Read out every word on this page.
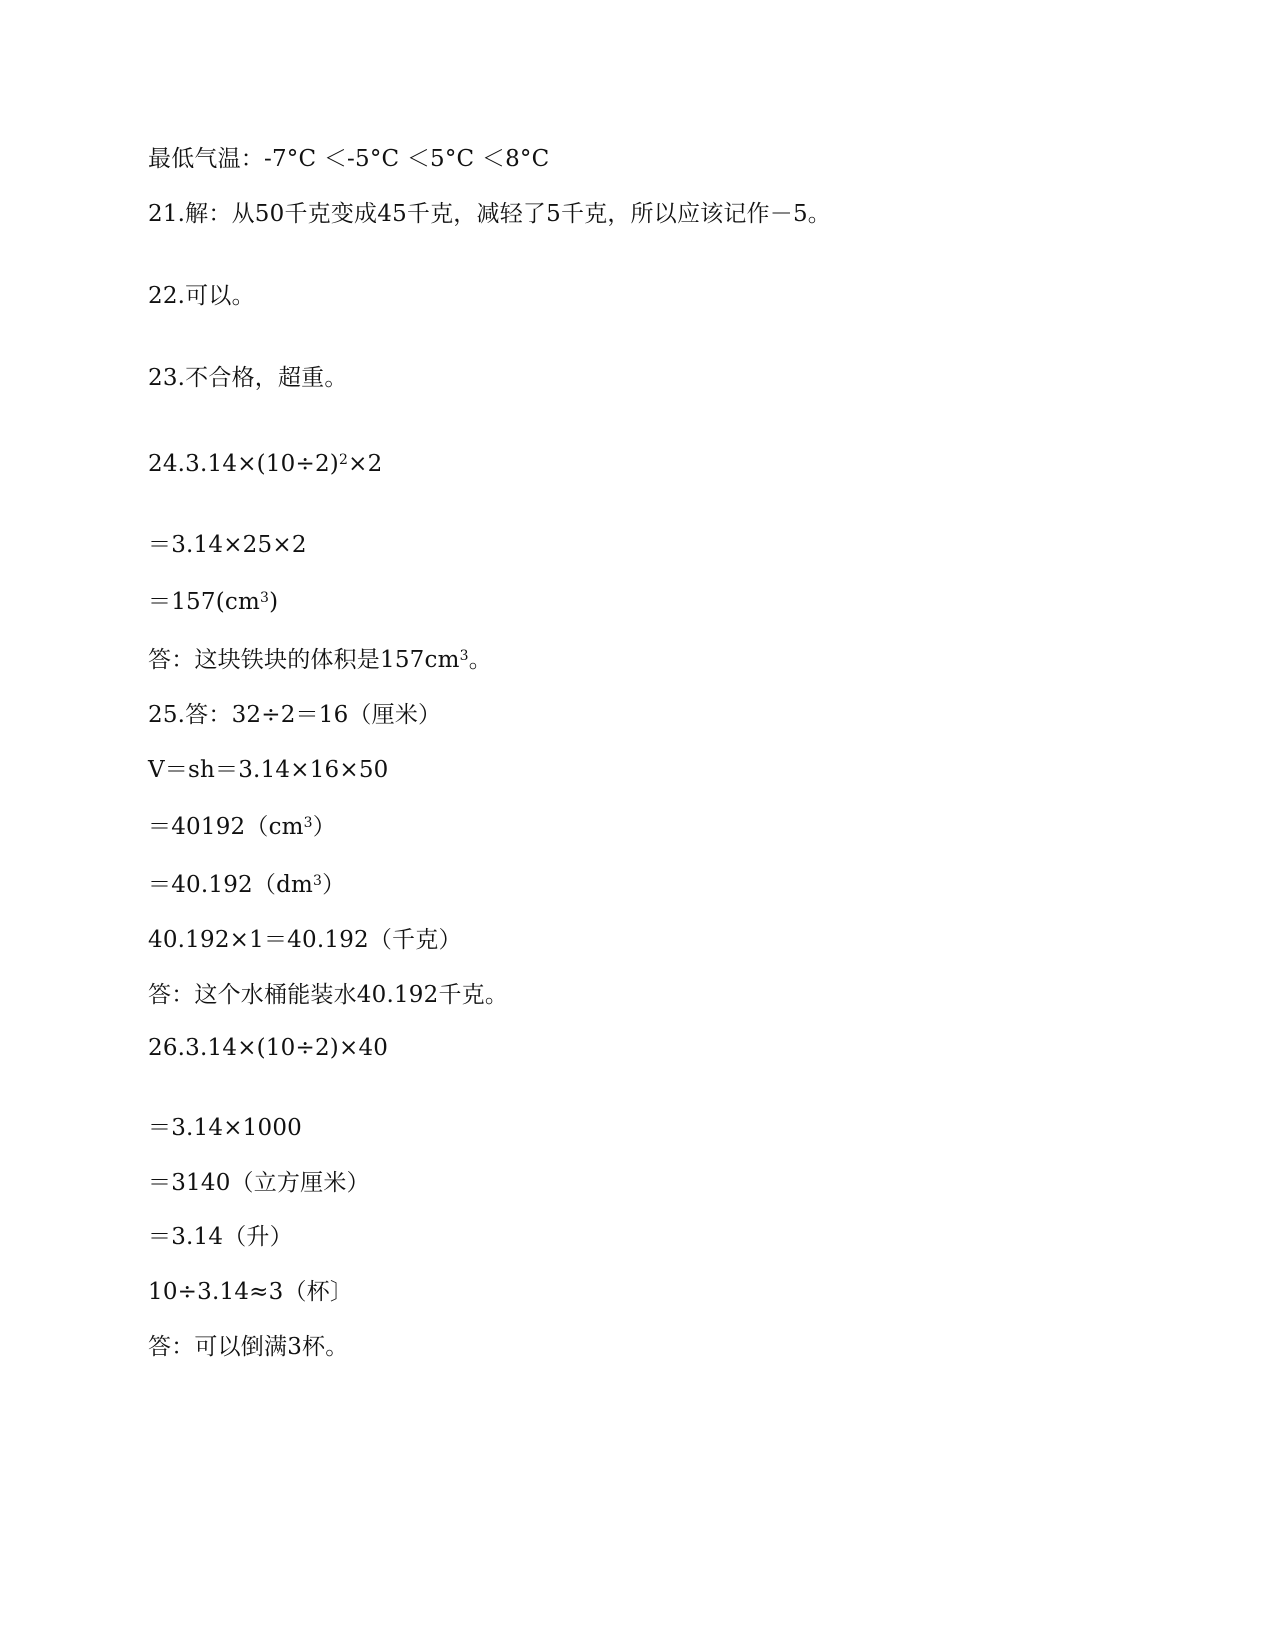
最低气温：-7°C ＜-5°C ＜5°C ＜8°C
21.解：从50千克变成45千克，减轻了5千克，所以应该记作－5。
22.可以。
23.不合格，超重。
$24.3.14\times(10\div 2)^2\times 2$
＝3.14×25×2
$=157(cm^3)$
答：这块铁块的体积是$157cm^3$。
25.答：32÷2＝16（厘米）
V＝sh＝3.14×16×50
$=40192(cm^3)$
$=40.192(dm^3)$
40.192×1＝40.192（千克）
答：这个水桶能装水40.192千克。
26.3.14×(10÷2)×40
＝3.14×1000
＝3140（立方厘米）
＝3.14（升）
10÷3.14≈3（杯〕
答：可以倒满3杯。
